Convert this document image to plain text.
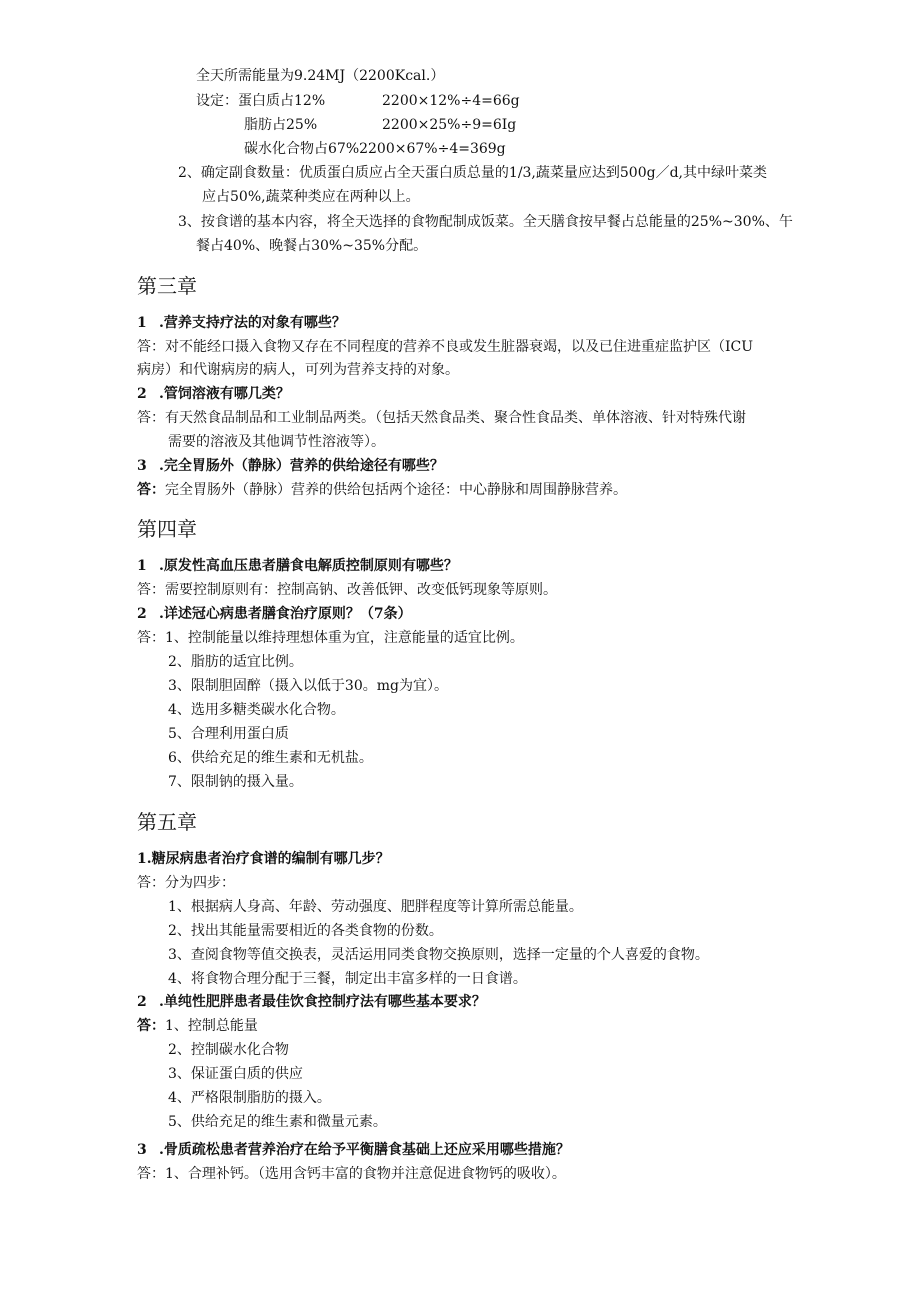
全天所需能量为9.24MJ（2200Kcal.）
设定：蛋白质占12%	2200×12%÷4=66g
脂肪占25%	2200×25%÷9=6Ig
碳水化合物占67%2200×67%÷4=369g
2、确定副食数量：优质蛋白质应占全天蛋白质总量的1/3,蔬菜量应达到500g／d,其中绿叶菜类
应占50%,蔬菜种类应在两种以上。
3、按食谱的基本内容，将全天选择的食物配制成饭菜。全天膳食按早餐占总能量的25%~30%、午
餐占40%、晚餐占30%~35%分配。
第三章
1 .营养支持疗法的对象有哪些？
答：对不能经口摄入食物又存在不同程度的营养不良或发生脏器衰竭，以及已住进重症监护区（ICU
病房）和代谢病房的病人，可列为营养支持的对象。
2 .管饲溶液有哪几类？
答：有天然食品制品和工业制品两类。（包括天然食品类、聚合性食品类、单体溶液、针对特殊代谢
需要的溶液及其他调节性溶液等）。
3 .完全胃肠外（静脉）营养的供给途径有哪些？
答：完全胃肠外（静脉）营养的供给包括两个途径：中心静脉和周围静脉营养。
第四章
1 .原发性高血压患者膳食电解质控制原则有哪些？
答：需要控制原则有：控制高钠、改善低钾、改变低钙现象等原则。
2 .详述冠心病患者膳食治疗原则？（7条）
答：1、控制能量以维持理想体重为宜，注意能量的适宜比例。
2、脂肪的适宜比例。
3、限制胆固醉（摄入以低于30。mg为宜）。
4、选用多糖类碳水化合物。
5、合理利用蛋白质
6、供给充足的维生素和无机盐。
7、限制钠的摄入量。
第五章
1.糖尿病患者治疗食谱的编制有哪几步？
答：分为四步：
1、根据病人身高、年龄、劳动强度、肥胖程度等计算所需总能量。
2、找出其能量需要相近的各类食物的份数。
3、查阅食物等值交换表，灵活运用同类食物交换原则，选择一定量的个人喜爱的食物。
4、将食物合理分配于三餐，制定出丰富多样的一日食谱。
2 .单纯性肥胖患者最佳饮食控制疗法有哪些基本要求？
答：1、控制总能量
2、控制碳水化合物
3、保证蛋白质的供应
4、严格限制脂肪的摄入。
5、供给充足的维生素和微量元素。
3 .骨质疏松患者营养治疗在给予平衡膳食基础上还应采用哪些措施？
答：1、合理补钙。（选用含钙丰富的食物并注意促进食物钙的吸收）。
